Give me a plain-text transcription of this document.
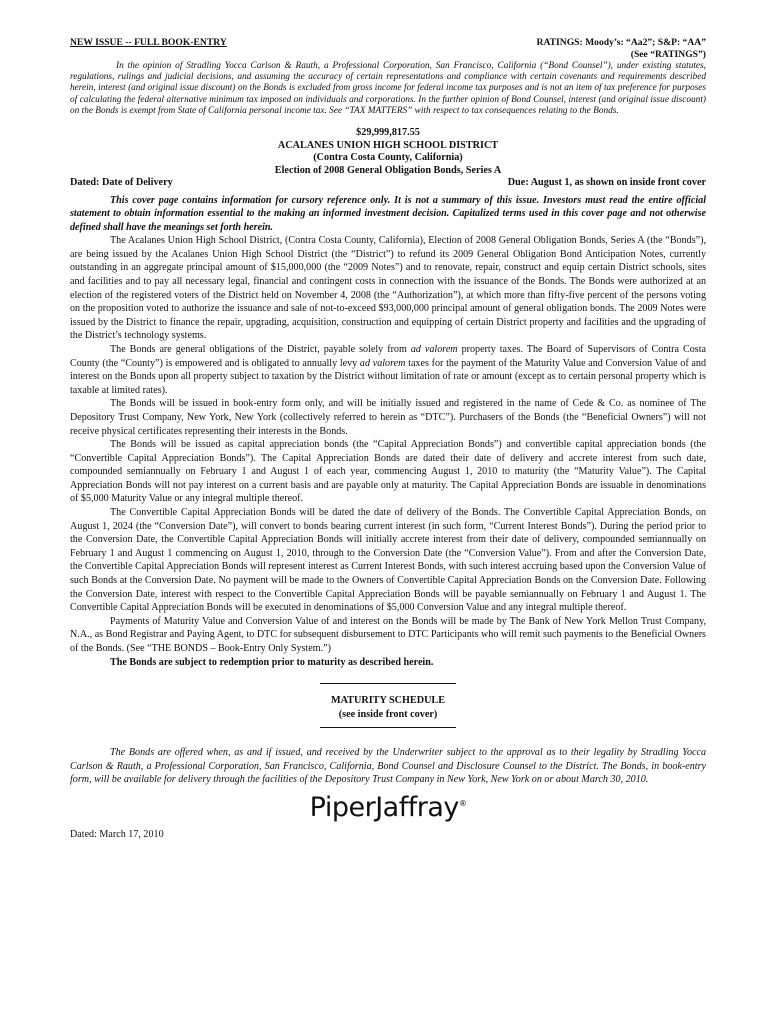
NEW ISSUE -- FULL BOOK-ENTRY	RATINGS: Moody’s: “Aa2”; S&P: “AA”
(See “RATINGS”)

In the opinion of Stradling Yocca Carlson & Rauth, a Professional Corporation, San Francisco, California (“Bond Counsel”), under existing statutes, regulations, rulings and judicial decisions, and assuming the accuracy of certain representations and compliance with certain covenants and requirements described herein, interest (and original issue discount) on the Bonds is excluded from gross income for federal income tax purposes and is not an item of tax preference for purposes of calculating the federal alternative minimum tax imposed on individuals and corporations. In the further opinion of Bond Counsel, interest (and original issue discount) on the Bonds is exempt from State of California personal income tax. See “TAX MATTERS” with respect to tax consequences relating to the Bonds.

$29,999,817.55
ACALANES UNION HIGH SCHOOL DISTRICT
(Contra Costa County, California)
Election of 2008 General Obligation Bonds, Series A
Dated: Date of Delivery	Due: August 1, as shown on inside front cover

This cover page contains information for cursory reference only. It is not a summary of this issue. Investors must read the entire official statement to obtain information essential to the making an informed investment decision. Capitalized terms used in this cover page and not otherwise defined shall have the meanings set forth herein.

The Acalanes Union High School District, (Contra Costa County, California), Election of 2008 General Obligation Bonds, Series A (the “Bonds”), are being issued by the Acalanes Union High School District (the “District”) to refund its 2009 General Obligation Bond Anticipation Notes, currently outstanding in an aggregate principal amount of $15,000,000 (the “2009 Notes”) and to renovate, repair, construct and equip certain District schools, sites and facilities and to pay all necessary legal, financial and contingent costs in connection with the issuance of the Bonds. The Bonds were authorized at an election of the registered voters of the District held on November 4, 2008 (the “Authorization”), at which more than fifty-five percent of the persons voting on the proposition voted to authorize the issuance and sale of not-to-exceed $93,000,000 principal amount of general obligation bonds. The 2009 Notes were issued by the District to finance the repair, upgrading, acquisition, construction and equipping of certain District property and facilities and the upgrading of the District’s technology systems.

The Bonds are general obligations of the District, payable solely from ad valorem property taxes. The Board of Supervisors of Contra Costa County (the “County”) is empowered and is obligated to annually levy ad valorem taxes for the payment of the Maturity Value and Conversion Value of and interest on the Bonds upon all property subject to taxation by the District without limitation of rate or amount (except as to certain personal property which is taxable at limited rates).

The Bonds will be issued in book-entry form only, and will be initially issued and registered in the name of Cede & Co. as nominee of The Depository Trust Company, New York, New York (collectively referred to herein as “DTC”). Purchasers of the Bonds (the “Beneficial Owners”) will not receive physical certificates representing their interests in the Bonds.

The Bonds will be issued as capital appreciation bonds (the “Capital Appreciation Bonds”) and convertible capital appreciation bonds (the “Convertible Capital Appreciation Bonds”). The Capital Appreciation Bonds are dated their date of delivery and accrete interest from such date, compounded semiannually on February 1 and August 1 of each year, commencing August 1, 2010 to maturity (the “Maturity Value”). The Capital Appreciation Bonds will not pay interest on a current basis and are payable only at maturity. The Capital Appreciation Bonds are issuable in denominations of $5,000 Maturity Value or any integral multiple thereof.

The Convertible Capital Appreciation Bonds will be dated the date of delivery of the Bonds. The Convertible Capital Appreciation Bonds, on August 1, 2024 (the “Conversion Date”), will convert to bonds bearing current interest (in such form, “Current Interest Bonds”). During the period prior to the Conversion Date, the Convertible Capital Appreciation Bonds will initially accrete interest from their date of delivery, compounded semiannually on February 1 and August 1 commencing on August 1, 2010, through to the Conversion Date (the “Conversion Value”). From and after the Conversion Date, the Convertible Capital Appreciation Bonds will represent interest as Current Interest Bonds, with such interest accruing based upon the Conversion Value of such Bonds at the Conversion Date. No payment will be made to the Owners of Convertible Capital Appreciation Bonds on the Conversion Date. Following the Conversion Date, interest with respect to the Convertible Capital Appreciation Bonds will be payable semiannually on February 1 and August 1. The Convertible Capital Appreciation Bonds will be executed in denominations of $5,000 Conversion Value and any integral multiple thereof.

Payments of Maturity Value and Conversion Value of and interest on the Bonds will be made by The Bank of New York Mellon Trust Company, N.A., as Bond Registrar and Paying Agent, to DTC for subsequent disbursement to DTC Participants who will remit such payments to the Beneficial Owners of the Bonds. (See “THE BONDS – Book-Entry Only System.”)

The Bonds are subject to redemption prior to maturity as described herein.

MATURITY SCHEDULE
(see inside front cover)

The Bonds are offered when, as and if issued, and received by the Underwriter subject to the approval as to their legality by Stradling Yocca Carlson & Rauth, a Professional Corporation, San Francisco, California, Bond Counsel and Disclosure Counsel to the District. The Bonds, in book-entry form, will be available for delivery through the facilities of the Depository Trust Company in New York, New York on or about March 30, 2010.

PiperJaffray®
Dated: March 17, 2010
